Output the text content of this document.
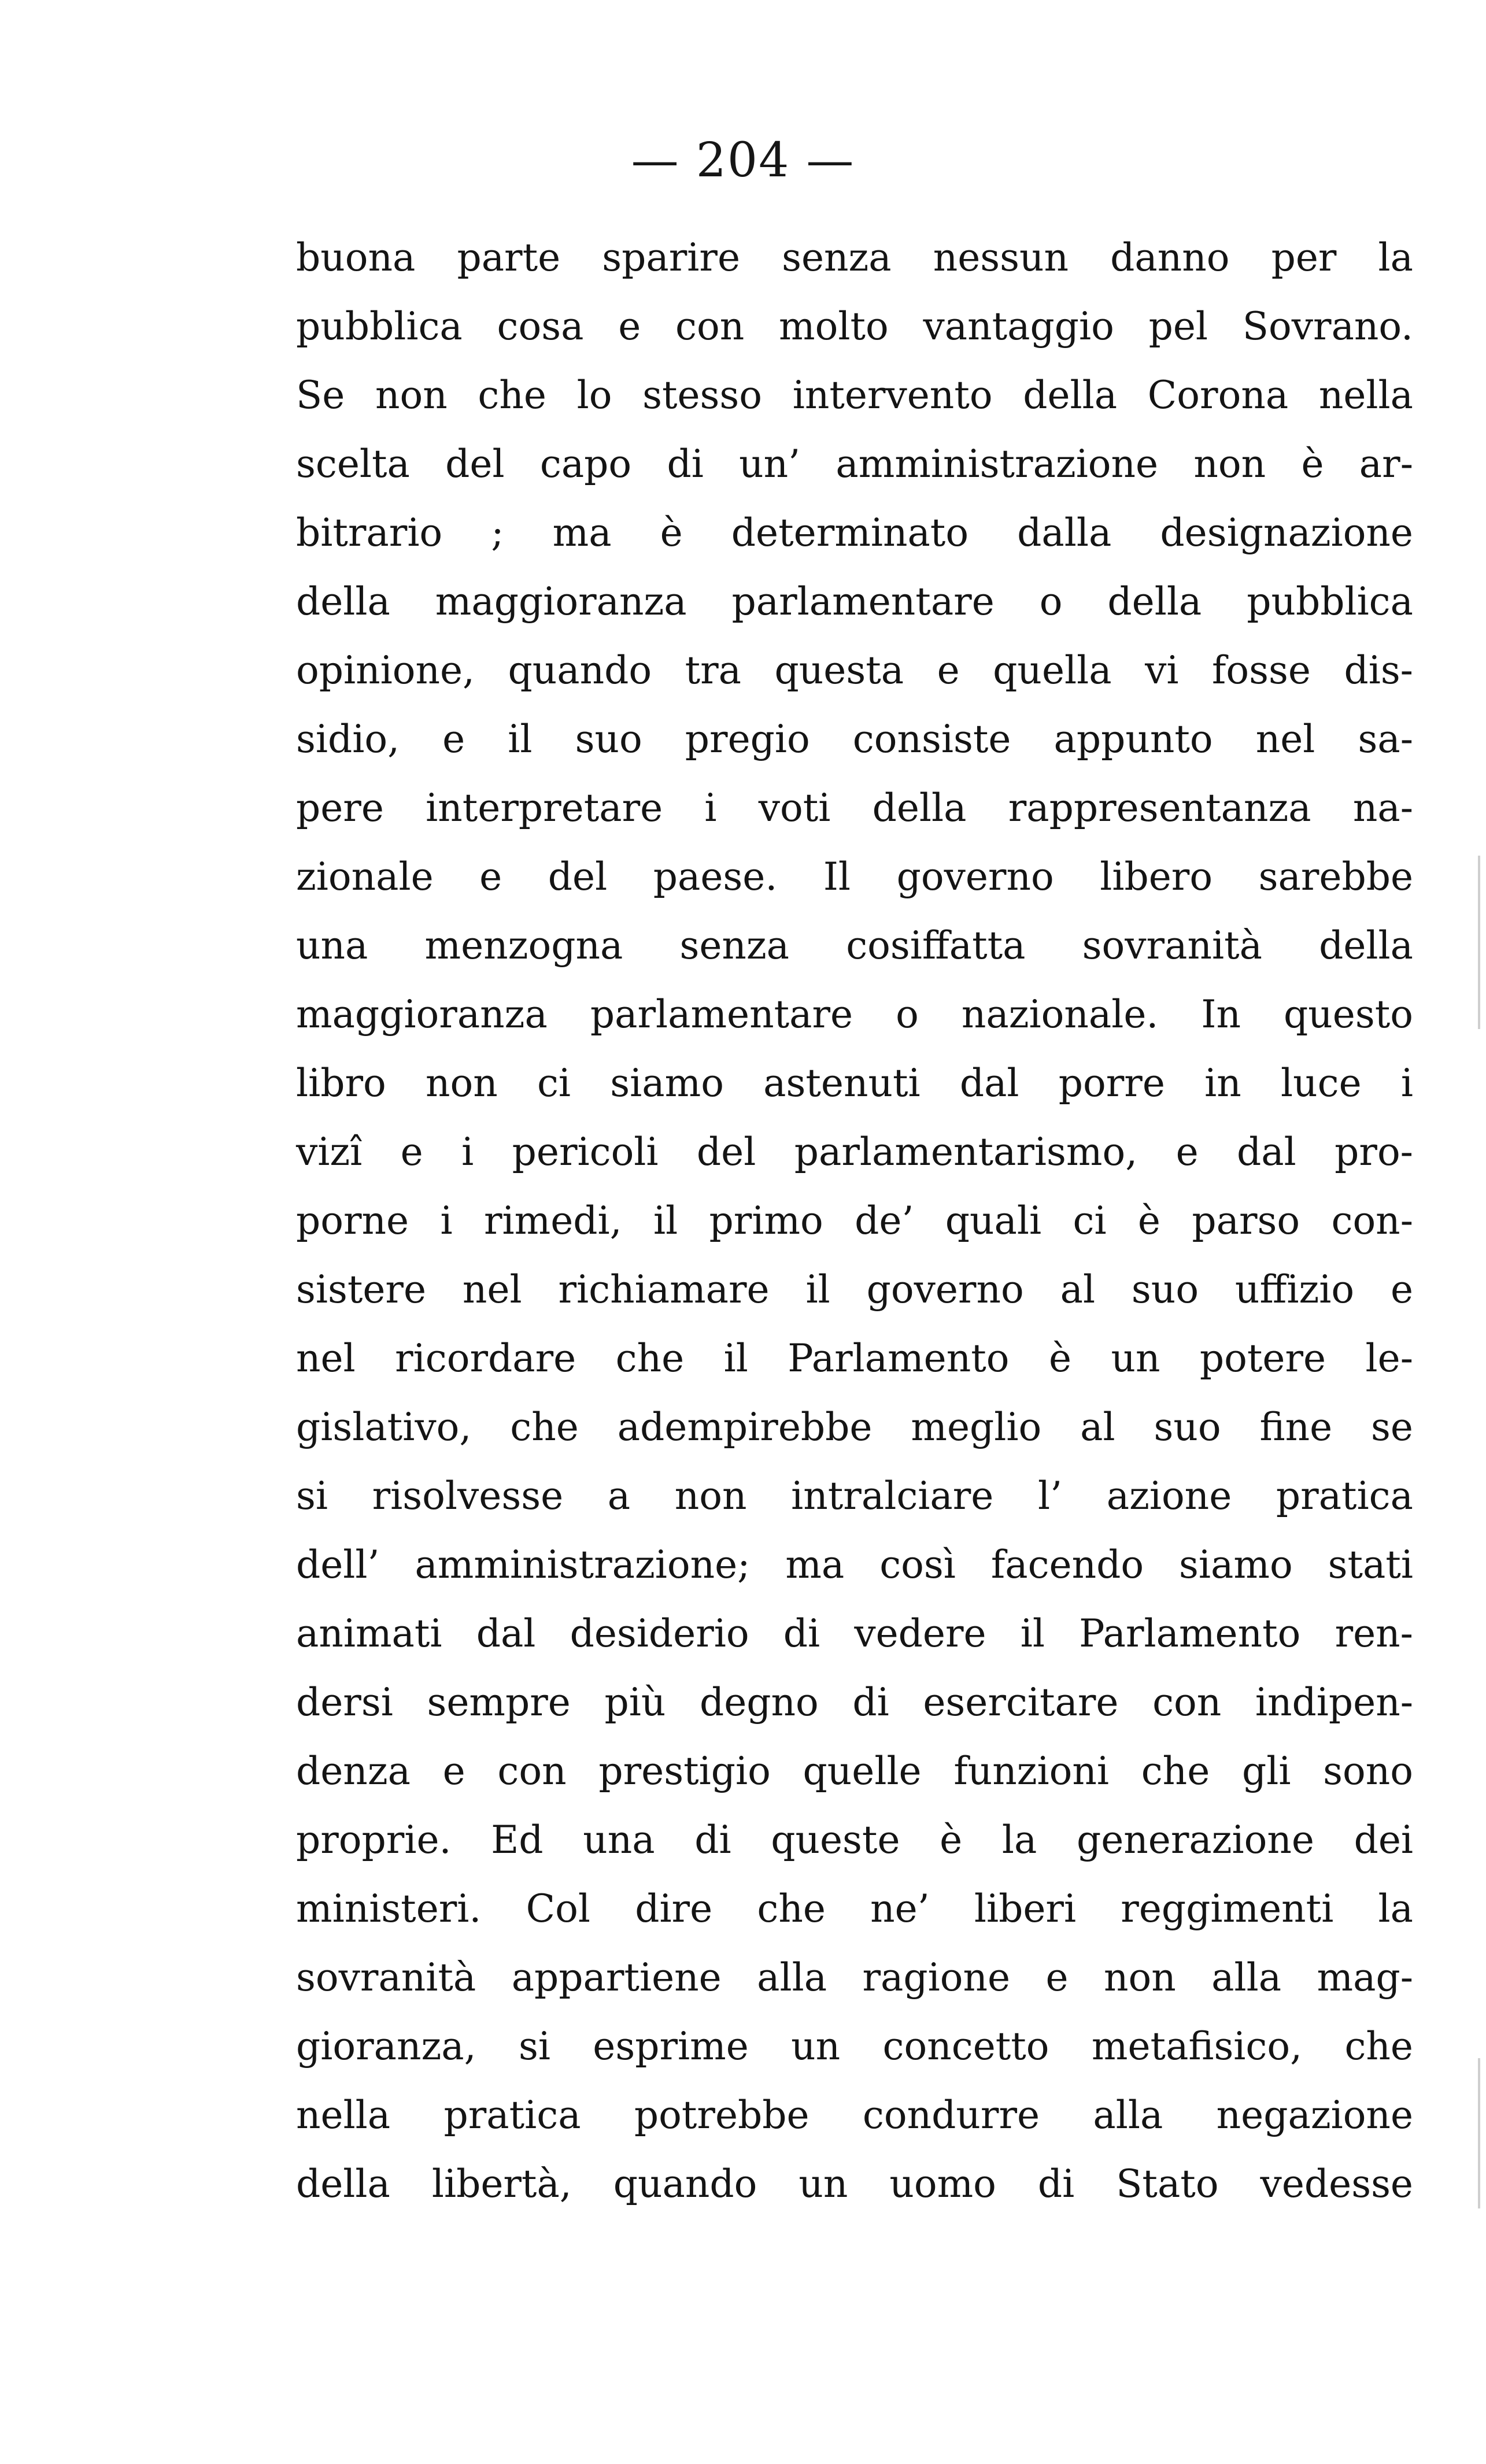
— 204 —
buona parte sparire senza nessun danno per la
pubblica cosa e con molto vantaggio pel Sovrano.
Se non che lo stesso intervento della Corona nella
scelta del capo di un’ amministrazione non è ar-
bitrario ; ma è determinato dalla designazione
della maggioranza parlamentare o della pubblica
opinione, quando tra questa e quella vi fosse dis-
sidio, e il suo pregio consiste appunto nel sa-
pere interpretare i voti della rappresentanza na-
zionale e del paese. Il governo libero sarebbe
una menzogna senza cosiffatta sovranità della
maggioranza parlamentare o nazionale. In questo
libro non ci siamo astenuti dal porre in luce i
vizî e i pericoli del parlamentarismo, e dal pro-
porne i rimedi, il primo de’ quali ci è parso con-
sistere nel richiamare il governo al suo uffizio e
nel ricordare che il Parlamento è un potere le-
gislativo, che adempirebbe meglio al suo fine se
si risolvesse a non intralciare l’ azione pratica
dell’ amministrazione; ma così facendo siamo stati
animati dal desiderio di vedere il Parlamento ren-
dersi sempre più degno di esercitare con indipen-
denza e con prestigio quelle funzioni che gli sono
proprie. Ed una di queste è la generazione dei
ministeri. Col dire che ne’ liberi reggimenti la
sovranità appartiene alla ragione e non alla mag-
gioranza, si esprime un concetto metafisico, che
nella pratica potrebbe condurre alla negazione
della libertà, quando un uomo di Stato vedesse
